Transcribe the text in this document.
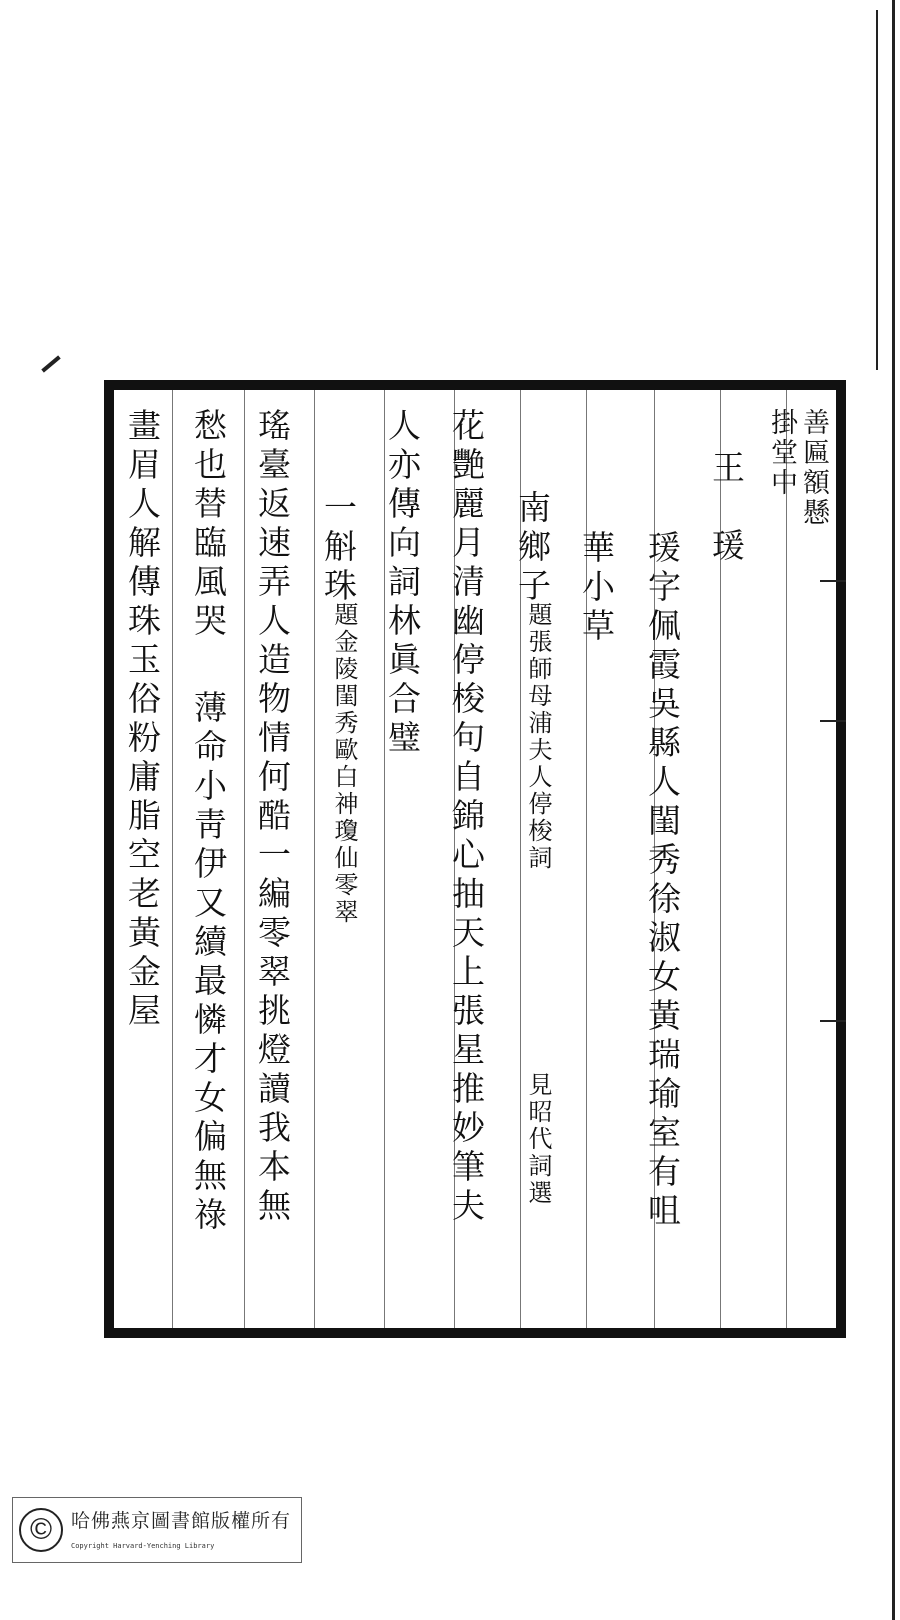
善匾額懸
掛堂中
王　瑗
瑗字佩霞吳縣人閨秀徐淑女黃瑞瑜室有咀
華小草
南鄉子
題張師母浦夫人停梭詞
見昭代詞選
花艷麗月清幽停梭句自錦心抽天上張星推妙筆夫
人亦傳向詞林眞合璧
一斛珠
題金陵閨秀歐白神瓊仙零翠
瑤臺返速弄人造物情何酷一編零翠挑燈讀我本無
愁也替臨風哭
薄命小靑伊又續最憐才女偏無祿
畫眉人解傳珠玉俗粉庸脂空老黃金屋
© 哈佛燕京圖書館版權所有
Copyright Harvard-Yenching Library
